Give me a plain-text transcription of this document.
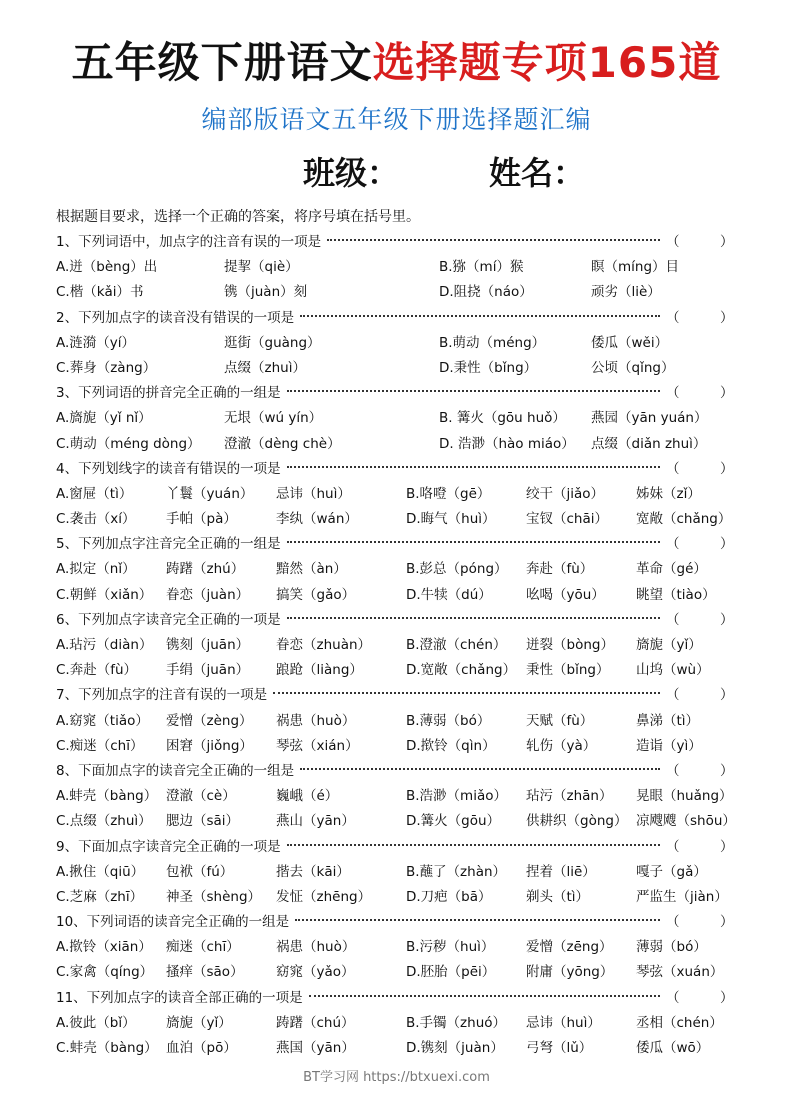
五年级下册语文选择题专项165道
编部版语文五年级下册选择题汇编
班级：	姓名：
根据题目要求，选择一个正确的答案，将序号填在括号里。
1、下列词语中，加点字的注音有误的一项是	（　　　）
A.迸（bèng）出	提挈（qiè）	B.猕（mí）猴	瞑（míng）目
C.楷（kǎi）书	镌（juàn）刻	D.阻挠（náo）	顽劣（liè）
2、下列加点字的读音没有错误的一项是	（　　　）
A.涟漪（yí）	逛街（guàng）	B.萌动（méng）	倭瓜（wěi）
C.葬身（zàng）	点缀（zhuì）	D.秉性（bǐng）	公顷（qǐng）
3、下列词语的拼音完全正确的一组是	（　　　）
A.旖旎（yǐ nǐ）	无垠（wú yín）	B. 篝火（gōu huǒ） 燕园（yān yuán）
C.萌动（méng dòng） 澄澈（dèng chè）	D. 浩渺（hào miáo） 点缀（diǎn zhuì）
4、下列划线字的读音有错误的一项是	（　　　）
A.窗屉（tì） 丫鬟（yuán） 忌讳（huì）	B.咯噔（gē）	绞干（jiǎo） 姊妹（zǐ）
C.袭击（xí） 手帕（pà）	李纨（wán）	D.晦气（huì） 宝钗（chāi） 宽敞（chǎng）
5、下列加点字注音完全正确的一组是	（　　　）
A.拟定（nǐ） 踌躇（zhú） 黯然（àn）	B.彭总（póng） 奔赴（fù）	革命（gé）
C.朝鲜（xiǎn） 眷恋（juàn） 搞笑（gǎo）	D.牛犊（dú）	吆喝（yōu） 眺望（tiào）
6、下列加点字读音完全正确的一项是	（　　　）
A.玷污（diàn） 镌刻（juān） 眷恋（zhuàn）	B.澄澈（chén） 迸裂（bòng） 旖旎（yǐ）
C.奔赴（fù） 手绢（juān） 踉跄（liàng）	D.宽敞（chǎng） 秉性（bǐng） 山坞（wù）
7、下列加点字的注音有误的一项是	（　　　）
A.窈窕（tiǎo） 爱憎（zèng） 祸患（huò）	B.薄弱（bó）	天赋（fù）	鼻涕（tì）
C.痴迷（chī） 困窘（jiǒng） 琴弦（xián）	D.揿铃（qìn） 轧伤（yà）	造诣（yì）
8、下面加点字的读音完全正确的一组是	（　　　）
A.蚌壳（bàng） 澄澈（cè）	巍峨（é）	B.浩渺（miǎo） 玷污（zhān） 晃眼（huǎng）
C.点缀（zhuì） 腮边（sāi）	燕山（yān）	D.篝火（gōu） 供耕织（gòng） 凉飕飕（shōu）
9、下面加点字读音完全正确的一项是	（　　　）
A.揪住（qiū） 包袱（fú）	揩去（kāi）	B.蘸了（zhàn） 捏着（liē）	嘎子（gǎ）
C.芝麻（zhī） 神圣（shèng） 发怔（zhēng）	D.刀疤（bā）	剃头（tì）	严监生（jiàn）
10、下列词语的读音完全正确的一组是	（　　　）
A.揿铃（xiān） 痴迷（chī）	祸患（huò）	B.污秽（huì） 爱憎（zēng） 薄弱（bó）
C.家禽（qíng） 搔痒（sāo） 窈窕（yǎo）	D.胚胎（pēi） 附庸（yōng） 琴弦（xuán）
11、下列加点字的读音全部正确的一项是	（　　　）
A.彼此（bǐ） 旖旎（yǐ）	踌躇（chú）	B.手镯（zhuó） 忌讳（huì）	丞相（chén）
C.蚌壳（bàng） 血泊（pō）	燕国（yān）	D.镌刻（juàn） 弓弩（lǔ）	倭瓜（wō）
BT学习网 https://btxuexi.com
